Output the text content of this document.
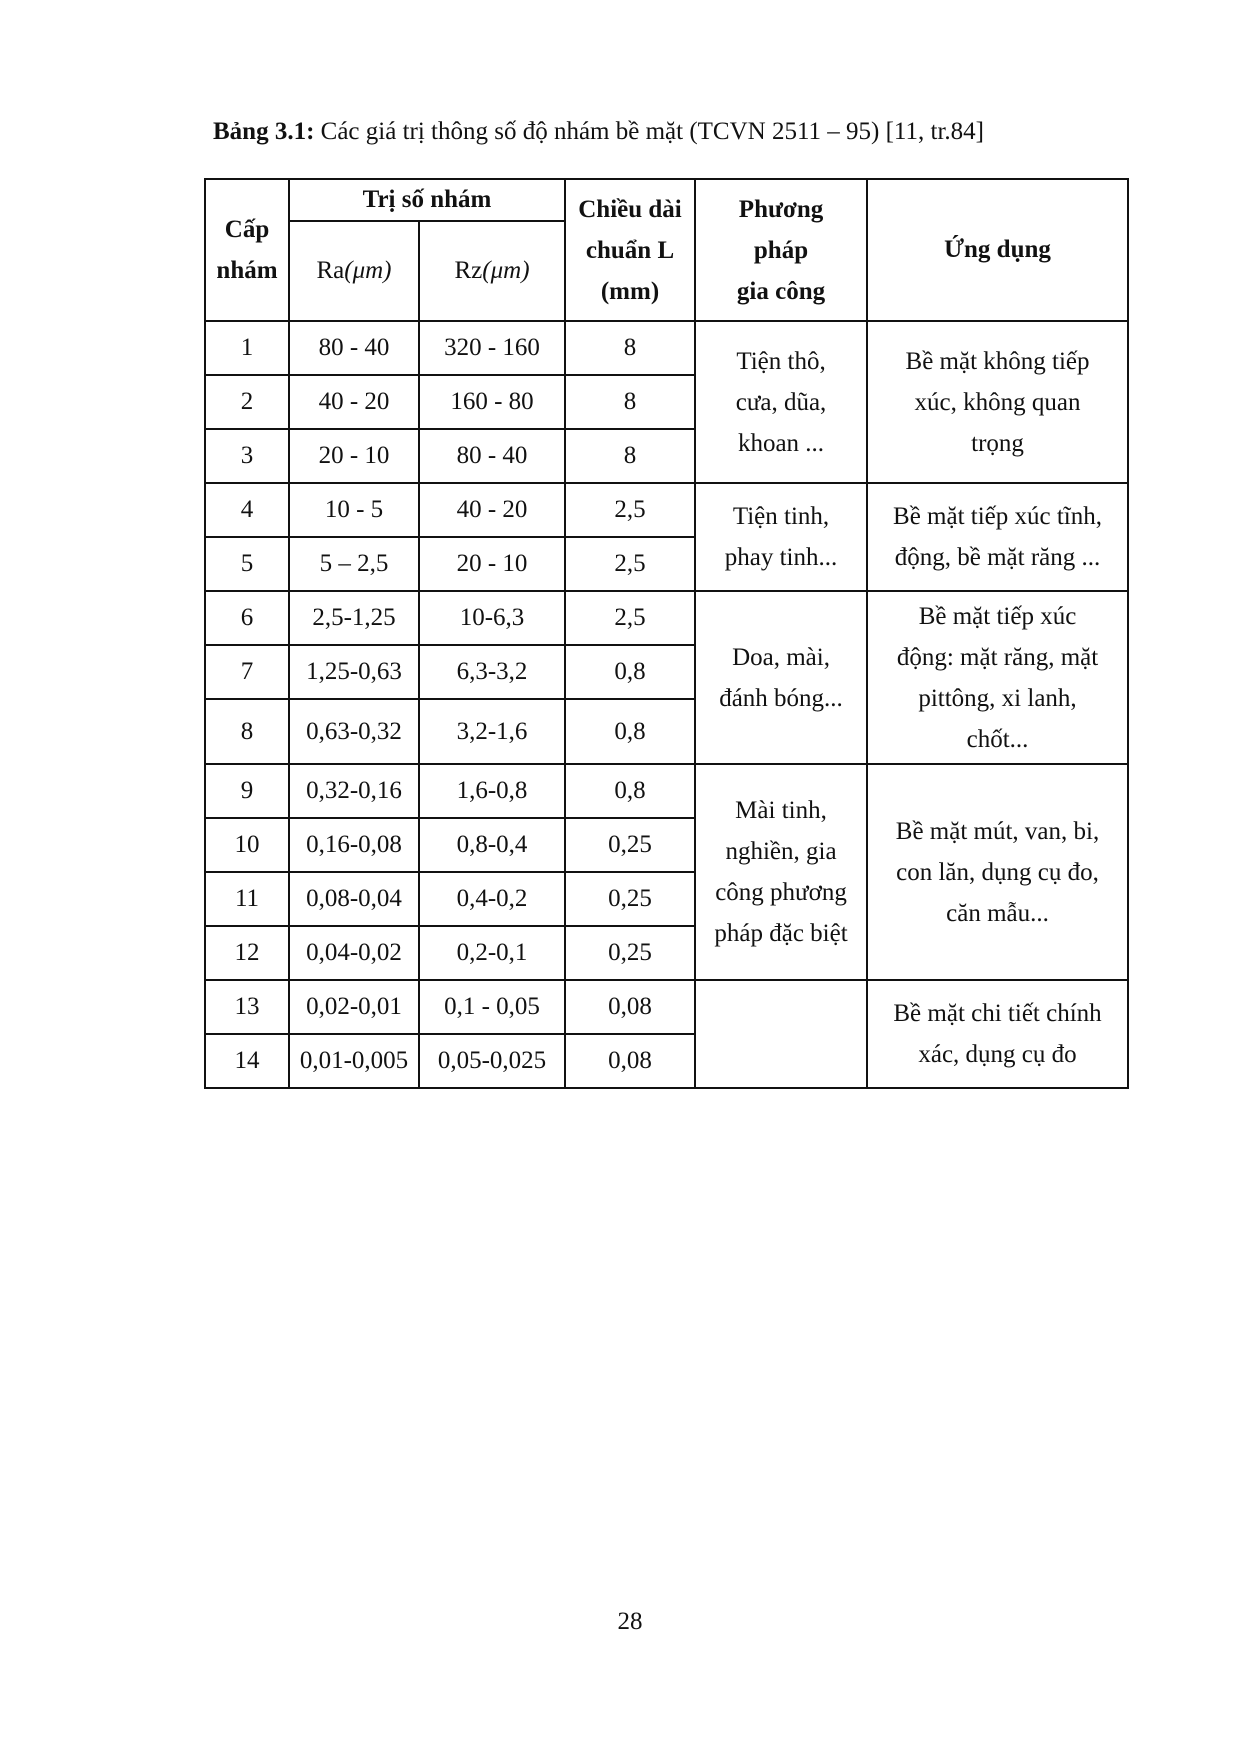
Bảng 3.1: Các giá trị thông số độ nhám bề mặt (TCVN 2511 – 95) [11, tr.84]
Cấp nhám	Trị số nhám		Chiều dài
chuẩn L
(mm)	Phương
pháp
gia công	Ứng dụng
	Ra(μm)	Rz(μm)			
1	80 - 40	320 - 160	8	Tiện thô,
cưa, dũa,
khoan ...	Bề mặt không tiếp
xúc, không quan
trọng
2	40 - 20	160 - 80	8		
3	20 - 10	80 - 40	8		
4	10 - 5	40 - 20	2,5	Tiện tinh,
phay tinh...	Bề mặt tiếp xúc tĩnh,
động, bề mặt răng ...
5	5 – 2,5	20 - 10	2,5		
6	2,5-1,25	10-6,3	2,5	Doa, mài,
đánh bóng...	Bề mặt tiếp xúc
động: mặt răng, mặt
pittông, xi lanh,
chốt...
7	1,25-0,63	6,3-3,2	0,8		
8	0,63-0,32	3,2-1,6	0,8		
9	0,32-0,16	1,6-0,8	0,8	Mài tinh,
nghiền, gia
công phương
pháp đặc biệt	Bề mặt mút, van, bi,
con lăn, dụng cụ đo,
căn mẫu...
10	0,16-0,08	0,8-0,4	0,25		
11	0,08-0,04	0,4-0,2	0,25		
12	0,04-0,02	0,2-0,1	0,25		
13	0,02-0,01	0,1 - 0,05	0,08		Bề mặt chi tiết chính
xác, dụng cụ đo
14	0,01-0,005	0,05-0,025	0,08		
28
